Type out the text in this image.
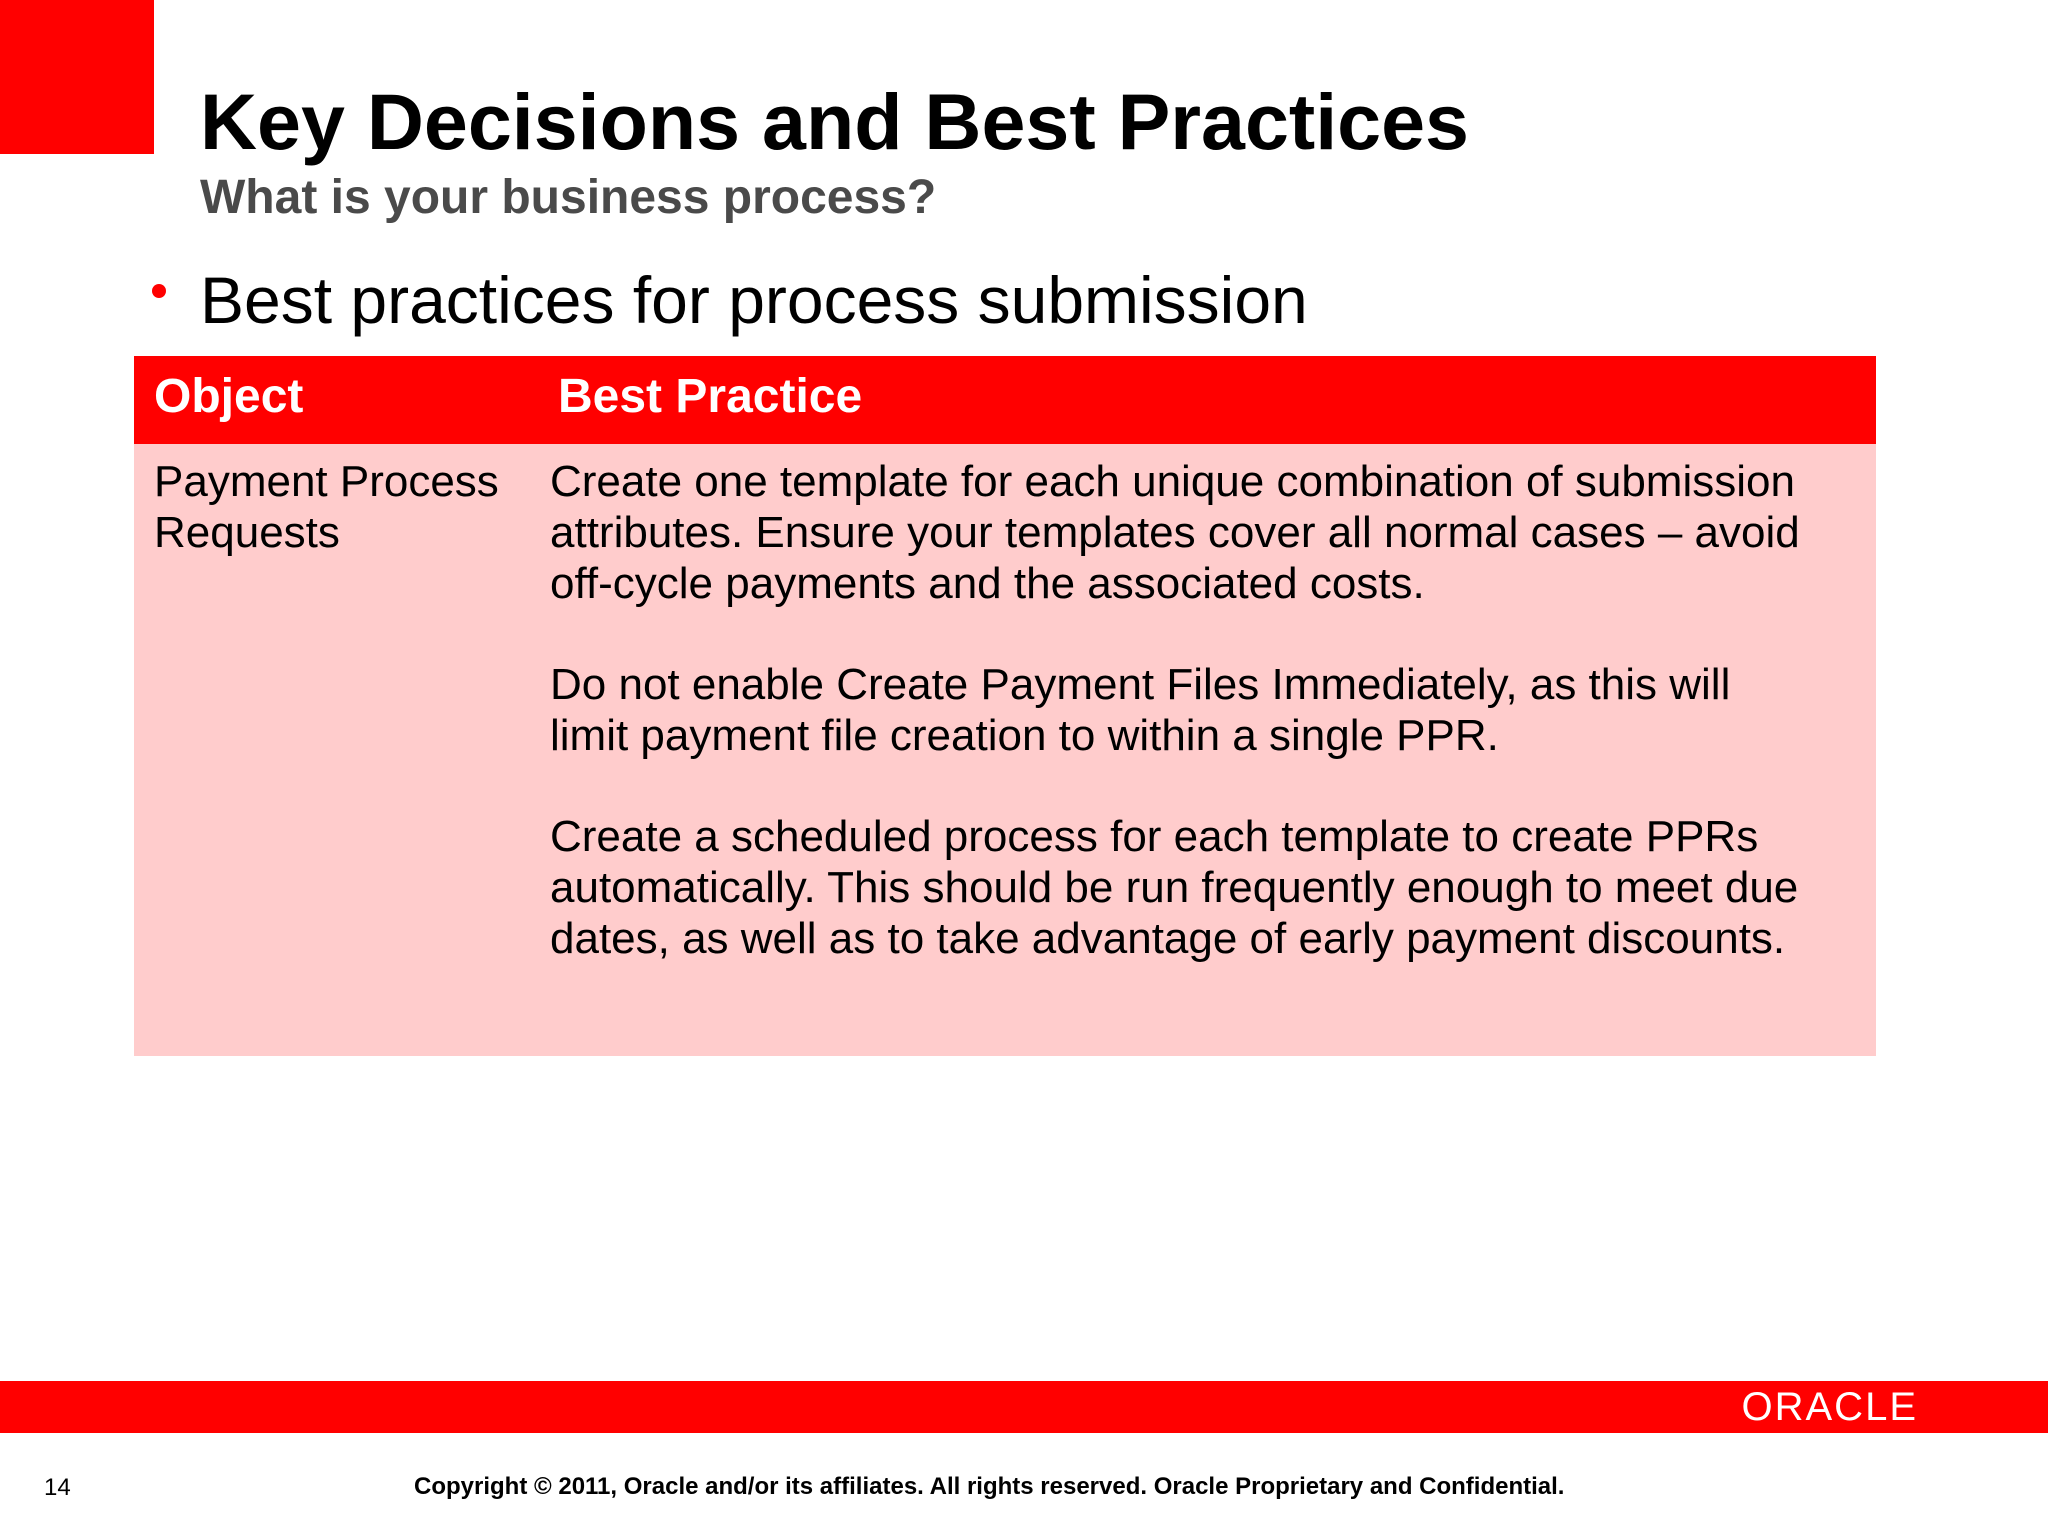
Key Decisions and Best Practices
What is your business process?
Best practices for process submission
Object	Best Practice
Payment Process
Requests

Create one template for each unique combination of submission
attributes. Ensure your templates cover all normal cases – avoid
off-cycle payments and the associated costs.

Do not enable Create Payment Files Immediately, as this will
limit payment file creation to within a single PPR.

Create a scheduled process for each template to create PPRs
automatically. This should be run frequently enough to meet due
dates, as well as to take advantage of early payment discounts.

ORACLE
14	Copyright © 2011, Oracle and/or its affiliates. All rights reserved. Oracle Proprietary and Confidential.
